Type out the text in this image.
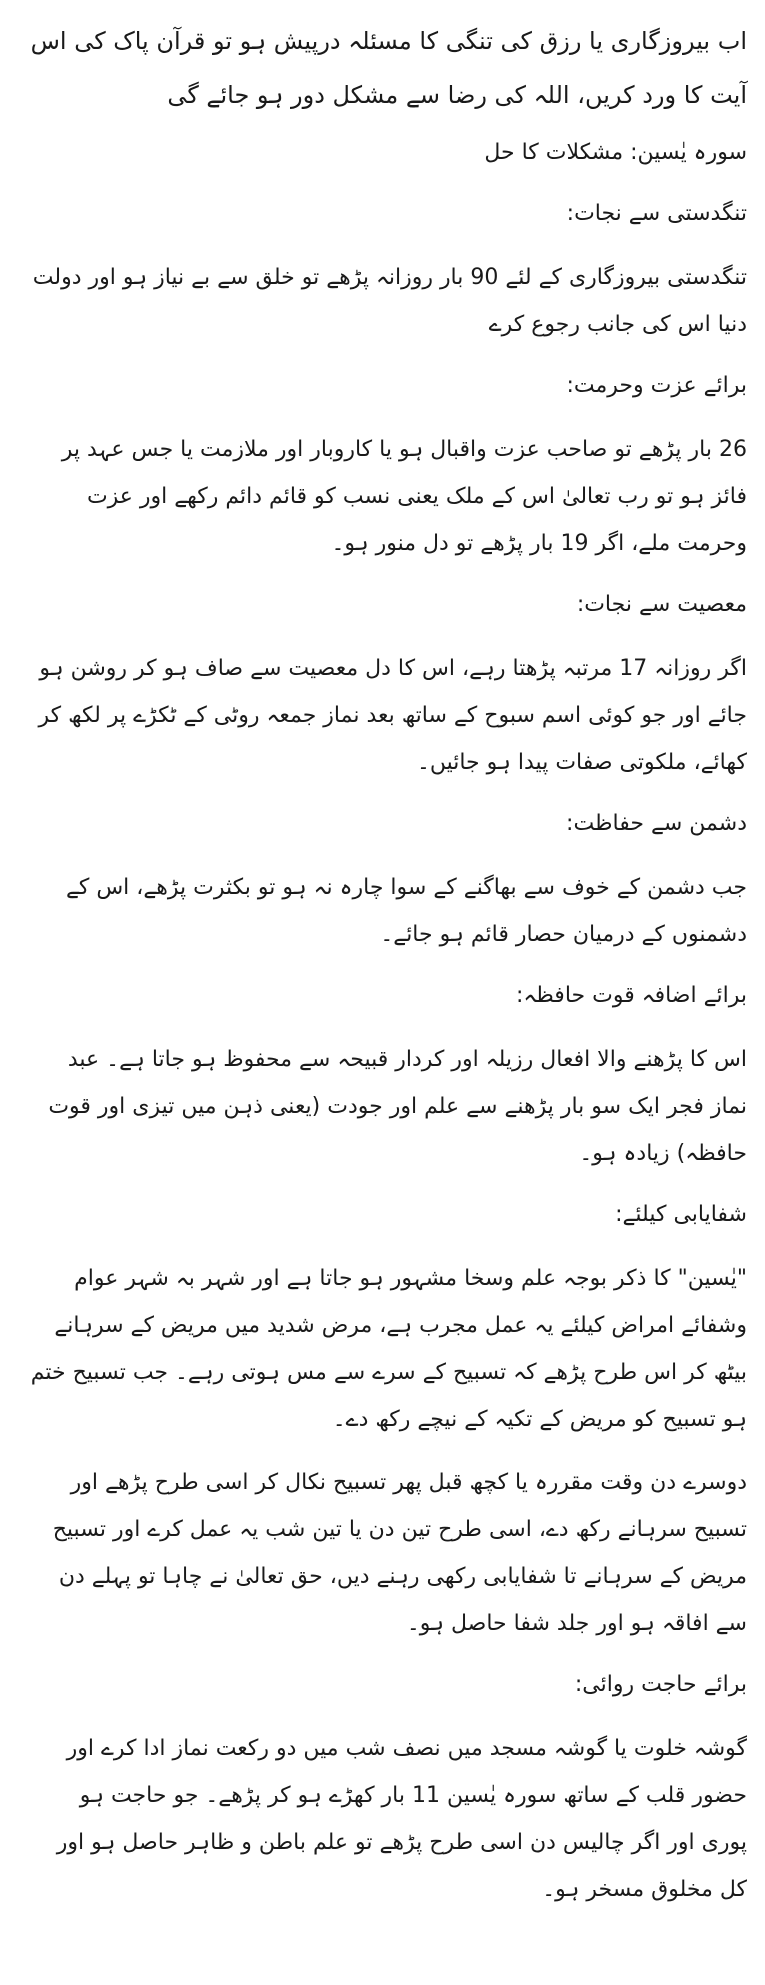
اب بیروزگاری یا رزق کی تنگی کا مسئلہ درپیش ہو تو قرآن پاک کی اس آیت کا ورد کریں، اللہ کی رضا سے مشکل دور ہو جائے گی

سورہ یٰسین: مشکلات کا حل

تنگدستی سے نجات:

تنگدستی بیروزگاری کے لئے 90 بار روزانہ پڑھے تو خلق سے بے نیاز ہو اور دولت دنیا اس کی جانب رجوع کرے

برائے عزت وحرمت:

26 بار پڑھے تو صاحب عزت واقبال ہو یا کاروبار اور ملازمت یا جس عہد پر فائز ہو تو رب تعالیٰ اس کے ملک یعنی نسب کو قائم دائم رکھے اور عزت وحرمت ملے، اگر 19 بار پڑھے تو دل منور ہو۔

معصیت سے نجات:

اگر روزانہ 17 مرتبہ پڑھتا رہے، اس کا دل معصیت سے صاف ہو کر روشن ہو جائے اور جو کوئی اسم سبوح کے ساتھ بعد نماز جمعہ روٹی کے ٹکڑے پر لکھ کر کھائے، ملکوتی صفات پیدا ہو جائیں۔

دشمن سے حفاظت:

جب دشمن کے خوف سے بھاگنے کے سوا چارہ نہ ہو تو بکثرت پڑھے، اس کے دشمنوں کے درمیان حصار قائم ہو جائے۔

برائے اضافہ قوت حافظہ:

اس کا پڑھنے والا افعال رزیلہ اور کردار قبیحہ سے محفوظ ہو جاتا ہے۔ عبد نماز فجر ایک سو بار پڑھنے سے علم اور جودت (یعنی ذہن میں تیزی اور قوت حافظہ) زیادہ ہو۔

شفایابی کیلئے:

"یٰسین" کا ذکر بوجہ علم وسخا مشہور ہو جاتا ہے اور شہر بہ شہر عوام وشفائے امراض کیلئے یہ عمل مجرب ہے، مرض شدید میں مریض کے سرہانے بیٹھ کر اس طرح پڑھے کہ تسبیح کے سرے سے مس ہوتی رہے۔ جب تسبیح ختم ہو تسبیح کو مریض کے تکیہ کے نیچے رکھ دے۔

دوسرے دن وقت مقررہ یا کچھ قبل پھر تسبیح نکال کر اسی طرح پڑھے اور تسبیح سرہانے رکھ دے، اسی طرح تین دن یا تین شب یہ عمل کرے اور تسبیح مریض کے سرہانے تا شفایابی رکھی رہنے دیں، حق تعالیٰ نے چاہا تو پہلے دن سے افاقہ ہو اور جلد شفا حاصل ہو۔

برائے حاجت روائی:

گوشہ خلوت یا گوشہ مسجد میں نصف شب میں دو رکعت نماز ادا کرے اور حضور قلب کے ساتھ سورہ یٰسین 11 بار کھڑے ہو کر پڑھے۔ جو حاجت ہو پوری اور اگر چالیس دن اسی طرح پڑھے تو علم باطن و ظاہر حاصل ہو اور کل مخلوق مسخر ہو۔
